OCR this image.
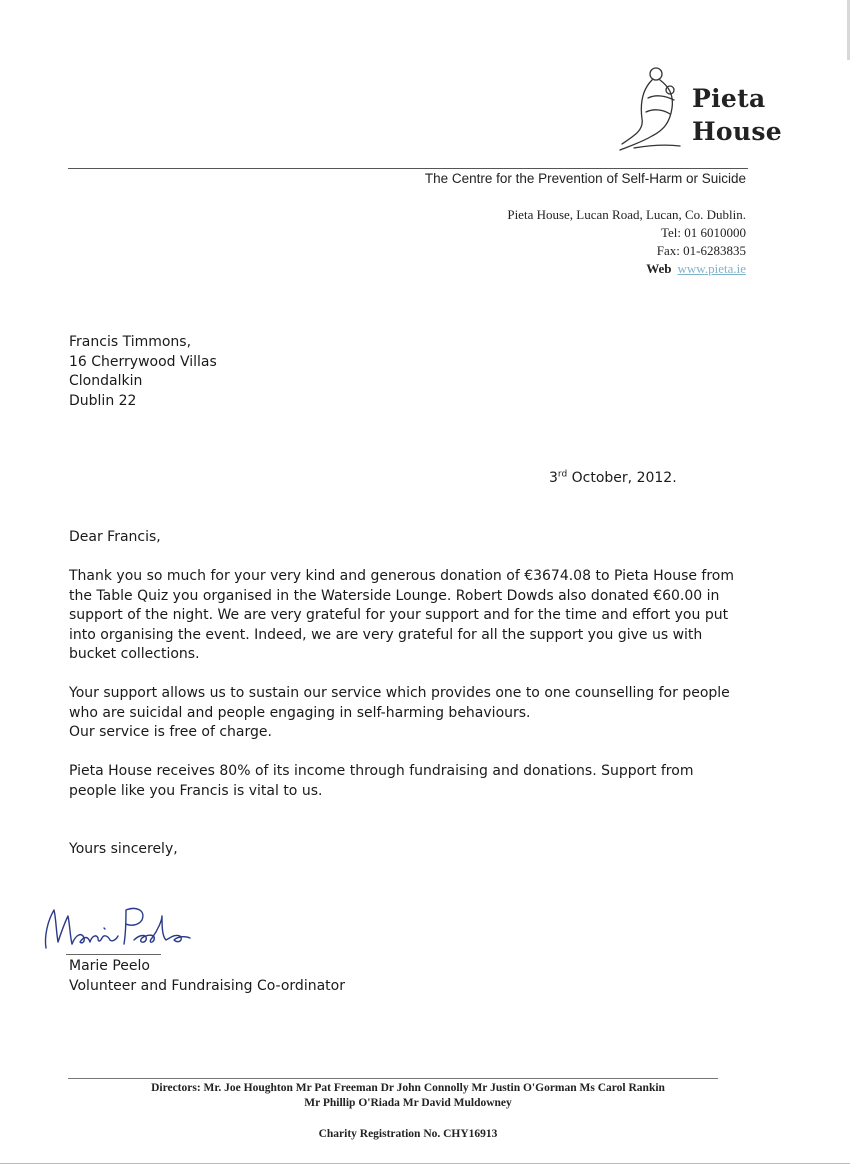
Pieta
House
The Centre for the Prevention of Self-Harm or Suicide
Pieta House, Lucan Road, Lucan, Co. Dublin.
Tel: 01 6010000
Fax: 01-6283835
Web www.pieta.ie
Francis Timmons,
16 Cherrywood Villas
Clondalkin
Dublin 22
3rd October, 2012.
Dear Francis,
Thank you so much for your very kind and generous donation of €3674.08 to Pieta House from
the Table Quiz you organised in the Waterside Lounge. Robert Dowds also donated €60.00 in
support of the night. We are very grateful for your support and for the time and effort you put
into organising the event. Indeed, we are very grateful for all the support you give us with
bucket collections.
Your support allows us to sustain our service which provides one to one counselling for people
who are suicidal and people engaging in self-harming behaviours.
Our service is free of charge.
Pieta House receives 80% of its income through fundraising and donations. Support from
people like you Francis is vital to us.
Yours sincerely,
Marie Peelo
Volunteer and Fundraising Co-ordinator
Directors: Mr. Joe Houghton Mr Pat Freeman Dr John Connolly Mr Justin O'Gorman Ms Carol Rankin
Mr Phillip O'Riada Mr David Muldowney
Charity Registration No. CHY16913
